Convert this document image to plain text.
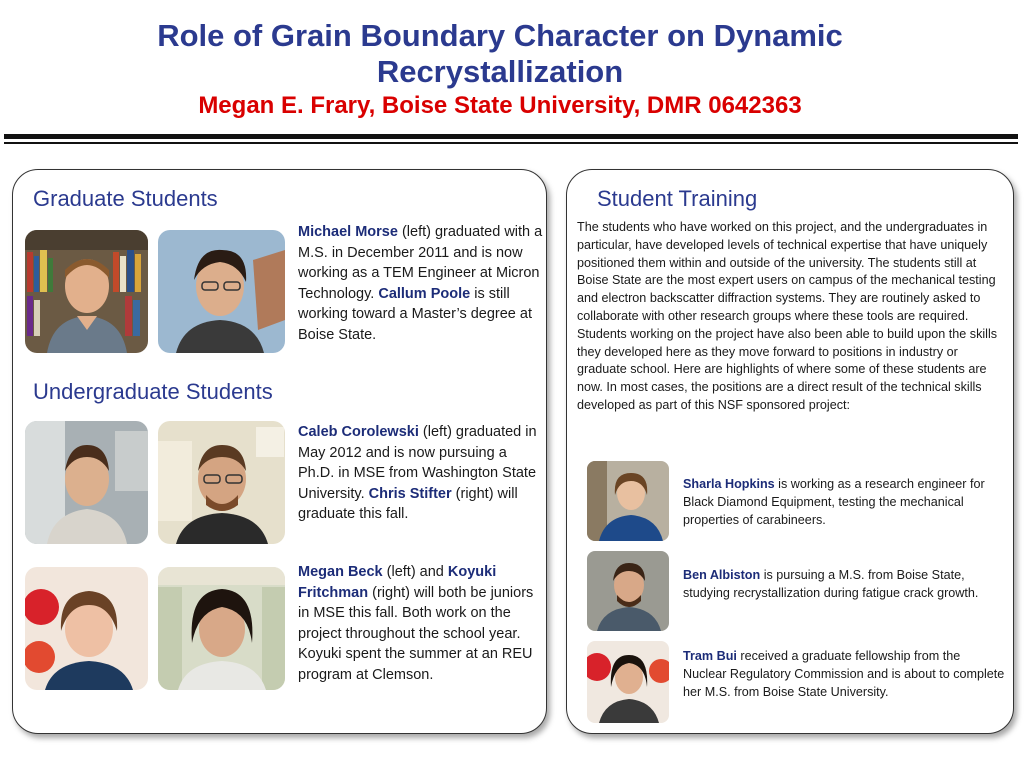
Role of Grain Boundary Character on Dynamic
Recrystallization
Megan E. Frary, Boise State University, DMR 0642363
Graduate Students
Michael Morse (left) graduated with a M.S. in December 2011 and is now working as a TEM Engineer at Micron Technology. Callum Poole is still working toward a Master’s degree at Boise State.
Undergraduate Students
Caleb Corolewski (left) graduated in May 2012 and is now pursuing a Ph.D. in MSE from Washington State University. Chris Stifter (right) will graduate this fall.
Megan Beck (left) and Koyuki Fritchman (right) will both be juniors in MSE this fall. Both work on the project throughout the school year. Koyuki spent the summer at an REU program at Clemson.
Student Training
The students who have worked on this project, and the undergraduates in particular, have developed levels of technical expertise that have uniquely positioned them within and outside of the university. The students still at Boise State are the most expert users on campus of the mechanical testing and electron backscatter diffraction systems. They are routinely asked to collaborate with other research groups where these tools are required. Students working on the project have also been able to build upon the skills they developed here as they move forward to positions in industry or graduate school. Here are highlights of where some of these students are now. In most cases, the positions are a direct result of the technical skills developed as part of this NSF sponsored project:
Sharla Hopkins is working as a research engineer for Black Diamond Equipment, testing the mechanical properties of carabineers.
Ben Albiston is pursuing a M.S. from Boise State, studying recrystallization during fatigue crack growth.
Tram Bui received a graduate fellowship from the Nuclear Regulatory Commission and is about to complete her M.S. from Boise State University.
